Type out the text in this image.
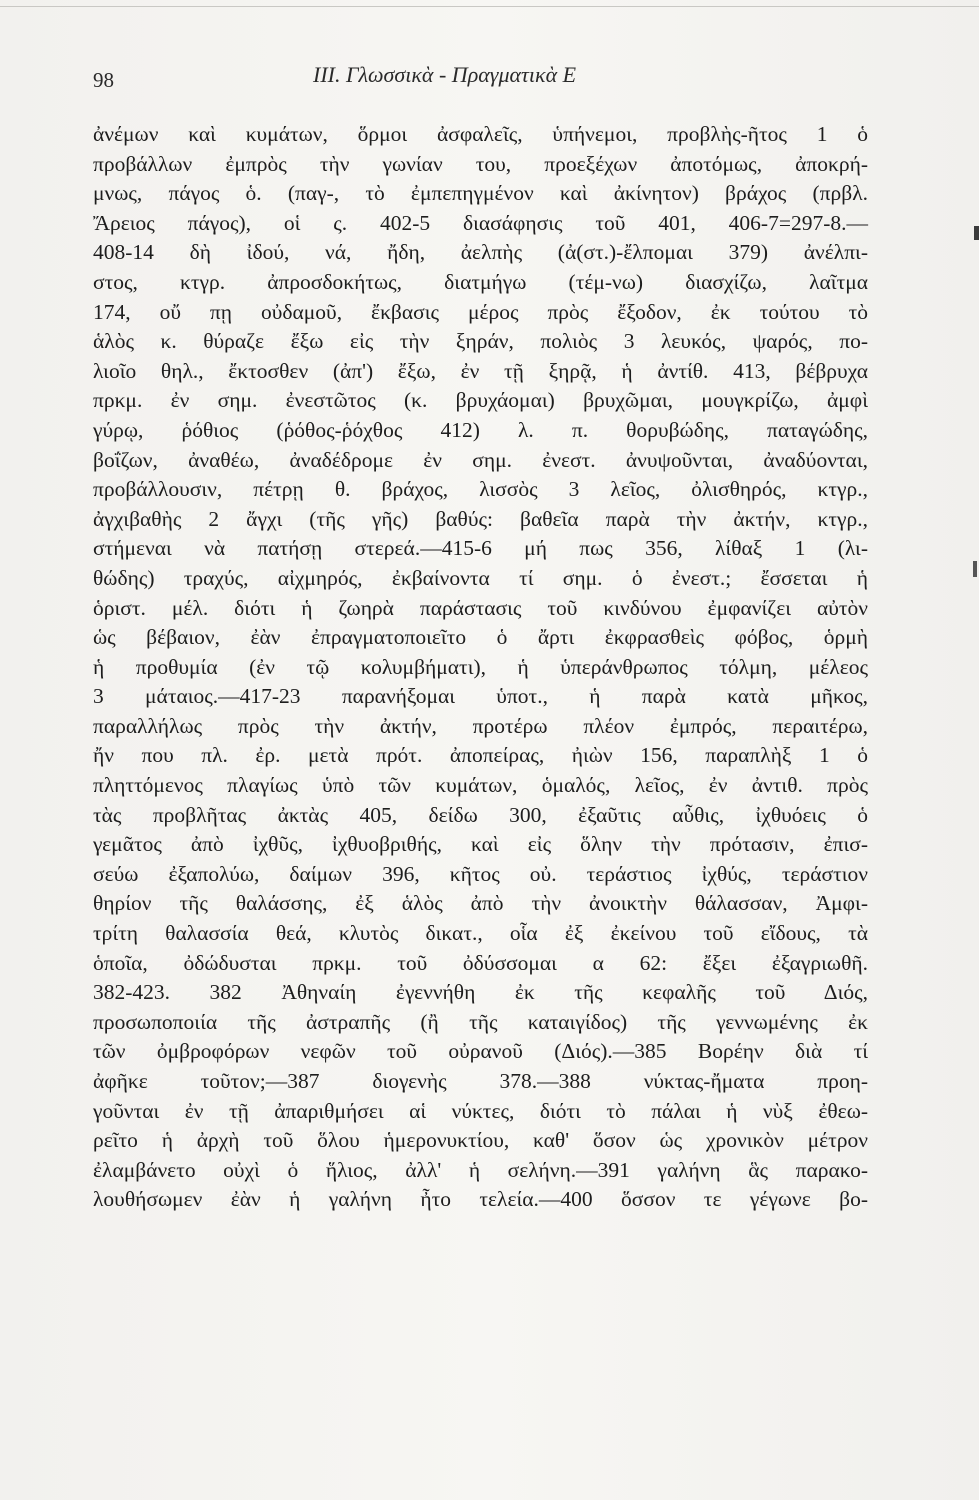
98	ΙΙΙ. Γλωσσικὰ - Πραγματικὰ Ε
ἀνέμων καὶ κυμάτων, ὅρμοι ἀσφαλεῖς, ὑπήνεμοι, προβλὴς-ῆτος 1 ὁ
προβάλλων ἐμπρὸς τὴν γωνίαν του, προεξέχων ἀποτόμως, ἀποκρή-
μνως, πάγος ὁ. (παγ-, τὸ ἐμπεπηγμένον καὶ ἀκίνητον) βράχος (πρβλ.
Ἄρειος πάγος), οἱ ς. 402-5 διασάφησις τοῦ 401, 406-7=297-8.—
408-14 δὴ ἰδού, νά, ἤδη, ἀελπὴς (ἀ(στ.)-ἔλπομαι 379) ἀνέλπι-
στος, κτγρ. ἀπροσδοκήτως, διατμήγω (τέμ-νω) διασχίζω, λαῖτμα
174, οὔ πῃ οὐδαμοῦ, ἔκβασις μέρος πρὸς ἔξοδον, ἐκ τούτου τὸ
ἁλὸς κ. θύραζε ἔξω εἰς τὴν ξηράν, πολιὸς 3 λευκός, ψαρός, πο-
λιοῖο θηλ., ἔκτοσθεν (ἀπ') ἔξω, ἐν τῇ ξηρᾷ, ἡ ἀντίθ. 413, βέβρυχα
πρκμ. ἐν σημ. ἐνεστῶτος (κ. βρυχάομαι) βρυχῶμαι, μουγκρίζω, ἀμφὶ
γύρῳ, ῥόθιος (ῥόθος-ῥόχθος 412) λ. π. θορυβώδης, παταγώδης,
βοΐζων, ἀναθέω, ἀναδέδρομε ἐν σημ. ἐνεστ. ἀνυψοῦνται, ἀναδύονται,
προβάλλουσιν, πέτρῃ θ. βράχος, λισσὸς 3 λεῖος, ὀλισθηρός, κτγρ.,
ἀγχιβαθὴς 2 ἄγχι (τῆς γῆς) βαθύς: βαθεῖα παρὰ τὴν ἀκτήν, κτγρ.,
στήμεναι νὰ πατήσῃ στερεά.—415-6 μή πως 356, λίθαξ 1 (λι-
θώδης) τραχύς, αἰχμηρός, ἐκβαίνοντα τί σημ. ὁ ἐνεστ.; ἔσσεται ἡ
ὁριστ. μέλ. διότι ἡ ζωηρὰ παράστασις τοῦ κινδύνου ἐμφανίζει αὐτὸν
ὡς βέβαιον, ἐὰν ἐπραγματοποιεῖτο ὁ ἄρτι ἐκφρασθεὶς φόβος, ὁρμὴ
ἡ προθυμία (ἐν τῷ κολυμβήματι), ἡ ὑπεράνθρωπος τόλμη, μέλεος
3 μάταιος.—417-23 παρανήξομαι ὑποτ., ἡ παρὰ κατὰ μῆκος,
παραλλήλως πρὸς τὴν ἀκτήν, προτέρω πλέον ἐμπρός, περαιτέρω,
ἤν που πλ. ἐρ. μετὰ πρότ. ἀποπείρας, ἠιὼν 156, παραπλὴξ 1 ὁ
πληττόμενος πλαγίως ὑπὸ τῶν κυμάτων, ὁμαλός, λεῖος, ἐν ἀντιθ. πρὸς
τὰς προβλῆτας ἀκτὰς 405, δείδω 300, ἐξαῦτις αὖθις, ἰχθυόεις ὁ
γεμᾶτος ἀπὸ ἰχθῦς, ἰχθυοβριθής, καὶ εἰς ὅλην τὴν πρότασιν, ἐπισ-
σεύω ἐξαπολύω, δαίμων 396, κῆτος οὐ. τεράστιος ἰχθύς, τεράστιον
θηρίον τῆς θαλάσσης, ἐξ ἁλὸς ἀπὸ τὴν ἀνοικτὴν θάλασσαν, Ἀμφι-
τρίτη θαλασσία θεά, κλυτὸς δικατ., οἷα ἐξ ἐκείνου τοῦ εἴδους, τὰ
ὁποῖα, ὀδώδυσται πρκμ. τοῦ ὀδύσσομαι α 62: ἔξει ἐξαγριωθῆ.
382-423. 382 Ἀθηναίη ἐγεννήθη ἐκ τῆς κεφαλῆς τοῦ Διός,
προσωποποιία τῆς ἀστραπῆς (ἢ τῆς καταιγίδος) τῆς γεννωμένης ἐκ
τῶν ὀμβροφόρων νεφῶν τοῦ οὐρανοῦ (Διός).—385 Βορέην διὰ τί
ἀφῆκε τοῦτον;—387 διογενὴς 378.—388 νύκτας-ἤματα προη-
γοῦνται ἐν τῇ ἀπαριθμήσει αἱ νύκτες, διότι τὸ πάλαι ἡ νὺξ ἐθεω-
ρεῖτο ἡ ἀρχὴ τοῦ ὅλου ἡμερονυκτίου, καθ' ὅσον ὡς χρονικὸν μέτρον
ἐλαμβάνετο οὐχὶ ὁ ἥλιος, ἀλλ' ἡ σελήνη.—391 γαλήνη ἃς παρακο-
λουθήσωμεν ἐὰν ἡ γαλήνη ἦτο τελεία.—400 ὅσσον τε γέγωνε βο-
